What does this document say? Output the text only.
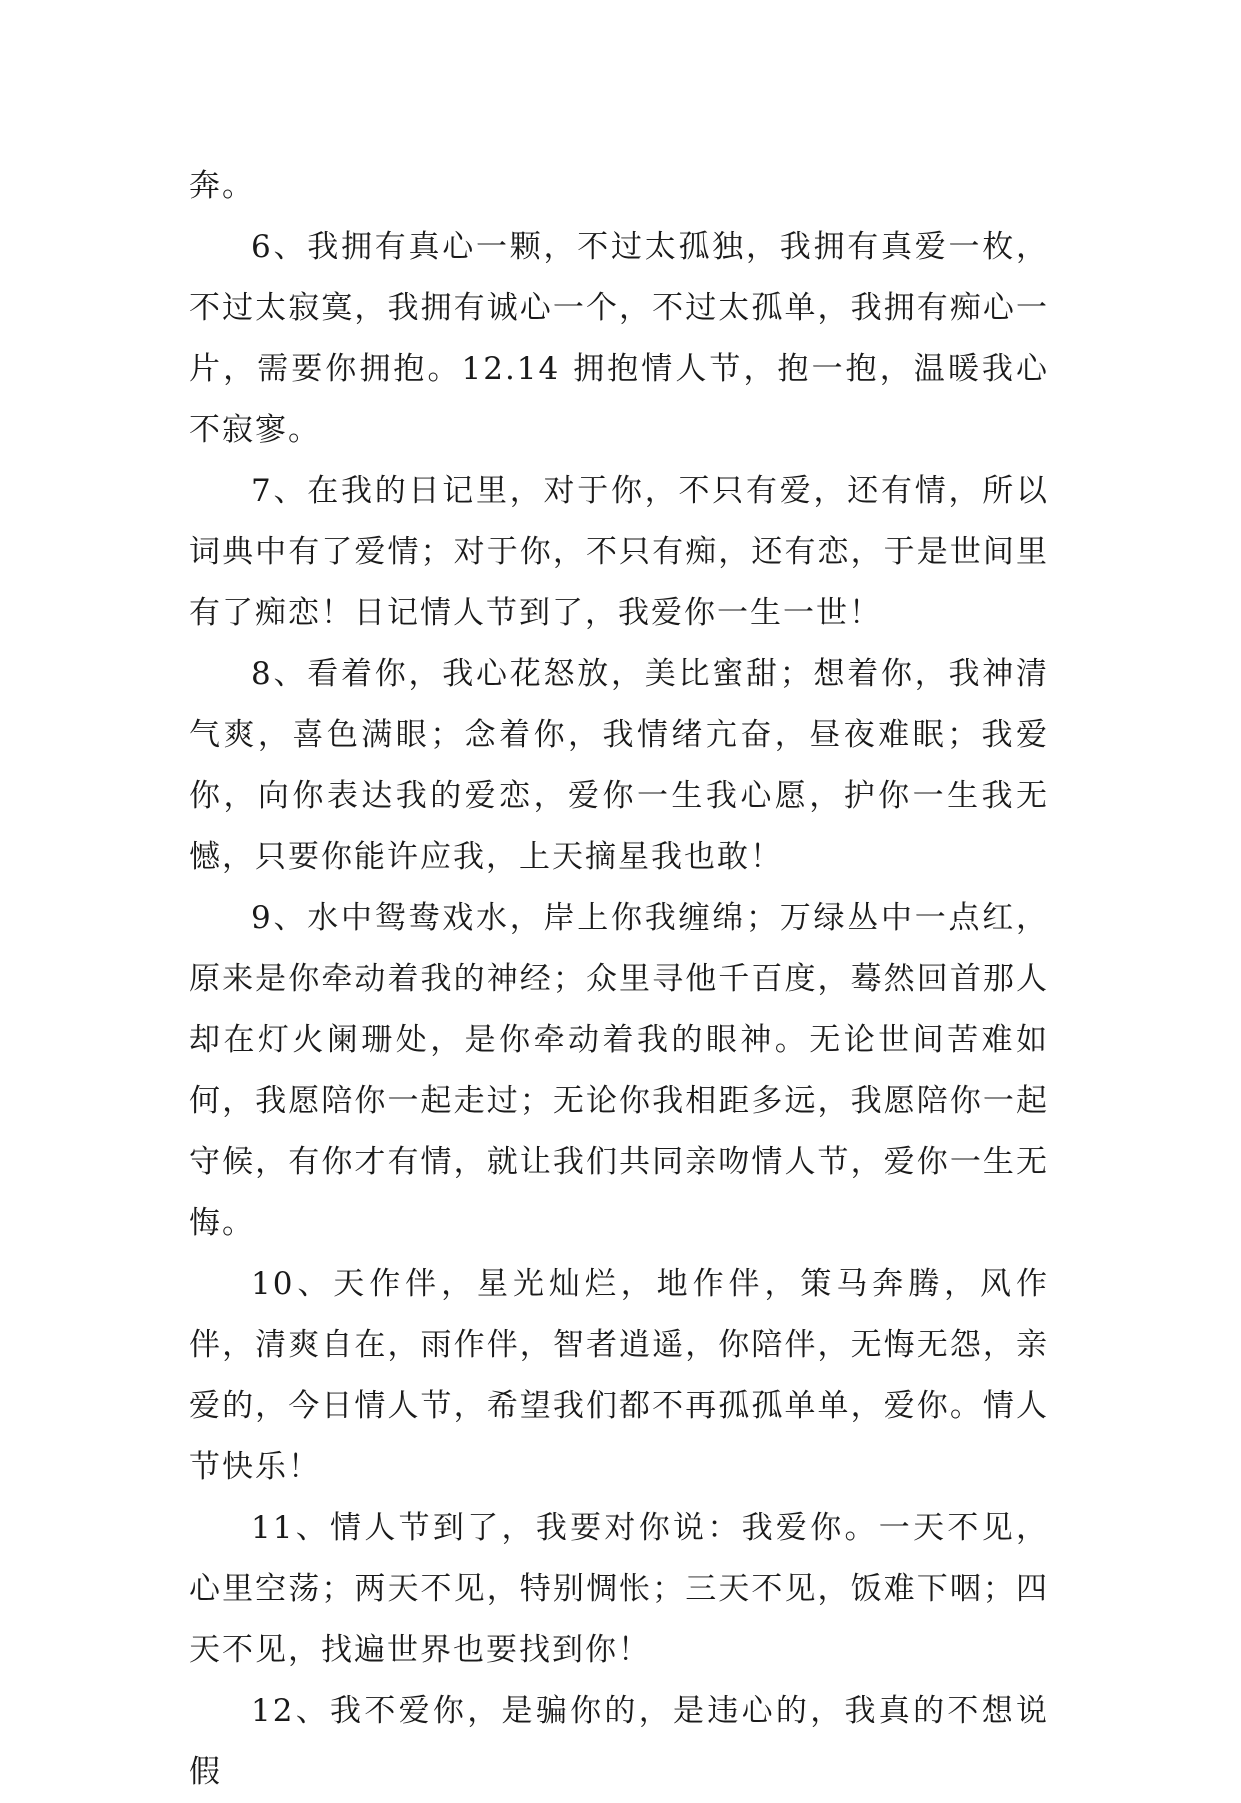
奔。

6、我拥有真心一颗，不过太孤独，我拥有真爱一枚，不过太寂寞，我拥有诚心一个，不过太孤单，我拥有痴心一片，需要你拥抱。12.14 拥抱情人节，抱一抱，温暖我心不寂寥。

7、在我的日记里，对于你，不只有爱，还有情，所以词典中有了爱情；对于你，不只有痴，还有恋，于是世间里有了痴恋！日记情人节到了，我爱你一生一世！

8、看着你，我心花怒放，美比蜜甜；想着你，我神清气爽，喜色满眼；念着你，我情绪亢奋，昼夜难眠；我爱你，向你表达我的爱恋，爱你一生我心愿，护你一生我无憾，只要你能许应我，上天摘星我也敢！

9、水中鸳鸯戏水，岸上你我缠绵；万绿丛中一点红，原来是你牵动着我的神经；众里寻他千百度，蓦然回首那人却在灯火阑珊处，是你牵动着我的眼神。无论世间苦难如何，我愿陪你一起走过；无论你我相距多远，我愿陪你一起守候，有你才有情，就让我们共同亲吻情人节，爱你一生无悔。

10、天作伴，星光灿烂，地作伴，策马奔腾，风作伴，清爽自在，雨作伴，智者逍遥，你陪伴，无悔无怨，亲爱的，今日情人节，希望我们都不再孤孤单单，爱你。情人节快乐！

11、情人节到了，我要对你说：我爱你。一天不见，心里空荡；两天不见，特别惆怅；三天不见，饭难下咽；四天不见，找遍世界也要找到你！

12、我不爱你，是骗你的，是违心的，我真的不想说假
